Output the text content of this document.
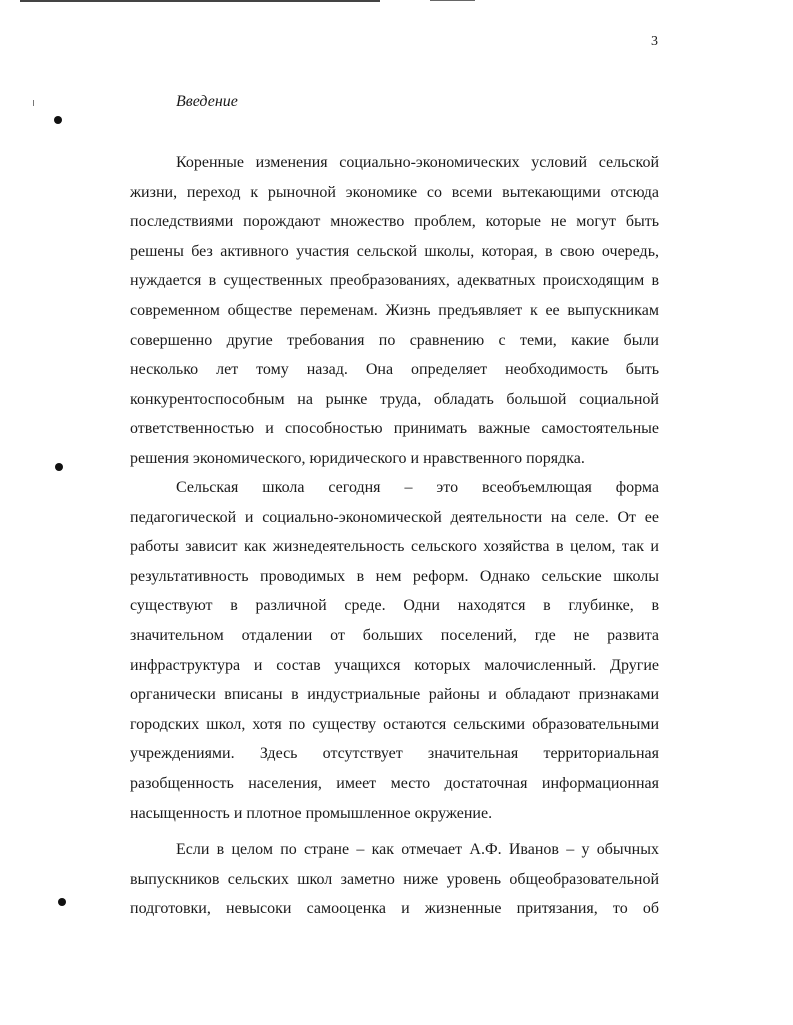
3
Введение
Коренные изменения социально-экономических условий сельской
жизни, переход к рыночной экономике со всеми вытекающими отсюда
последствиями порождают множество проблем, которые не могут быть
решены без активного участия сельской школы, которая, в свою очередь,
нуждается в существенных преобразованиях, адекватных происходящим в
современном обществе переменам. Жизнь предъявляет к ее выпускникам
совершенно другие требования по сравнению с теми, какие были
несколько лет тому назад. Она определяет необходимость быть
конкурентоспособным на рынке труда, обладать большой социальной
ответственностью и способностью принимать важные самостоятельные
решения экономического, юридического и нравственного порядка.
Сельская школа сегодня – это всеобъемлющая форма
педагогической и социально-экономической деятельности на селе. От ее
работы зависит как жизнедеятельность сельского хозяйства в целом, так и
результативность проводимых в нем реформ. Однако сельские школы
существуют в различной среде. Одни находятся в глубинке, в
значительном отдалении от больших поселений, где не развита
инфраструктура и состав учащихся которых малочисленный. Другие
органически вписаны в индустриальные районы и обладают признаками
городских школ, хотя по существу остаются сельскими образовательными
учреждениями. Здесь отсутствует значительная территориальная
разобщенность населения, имеет место достаточная информационная
насыщенность и плотное промышленное окружение.
Если в целом по стране – как отмечает А.Ф. Иванов – у обычных
выпускников сельских школ заметно ниже уровень общеобразовательной
подготовки, невысоки самооценка и жизненные притязания, то об
